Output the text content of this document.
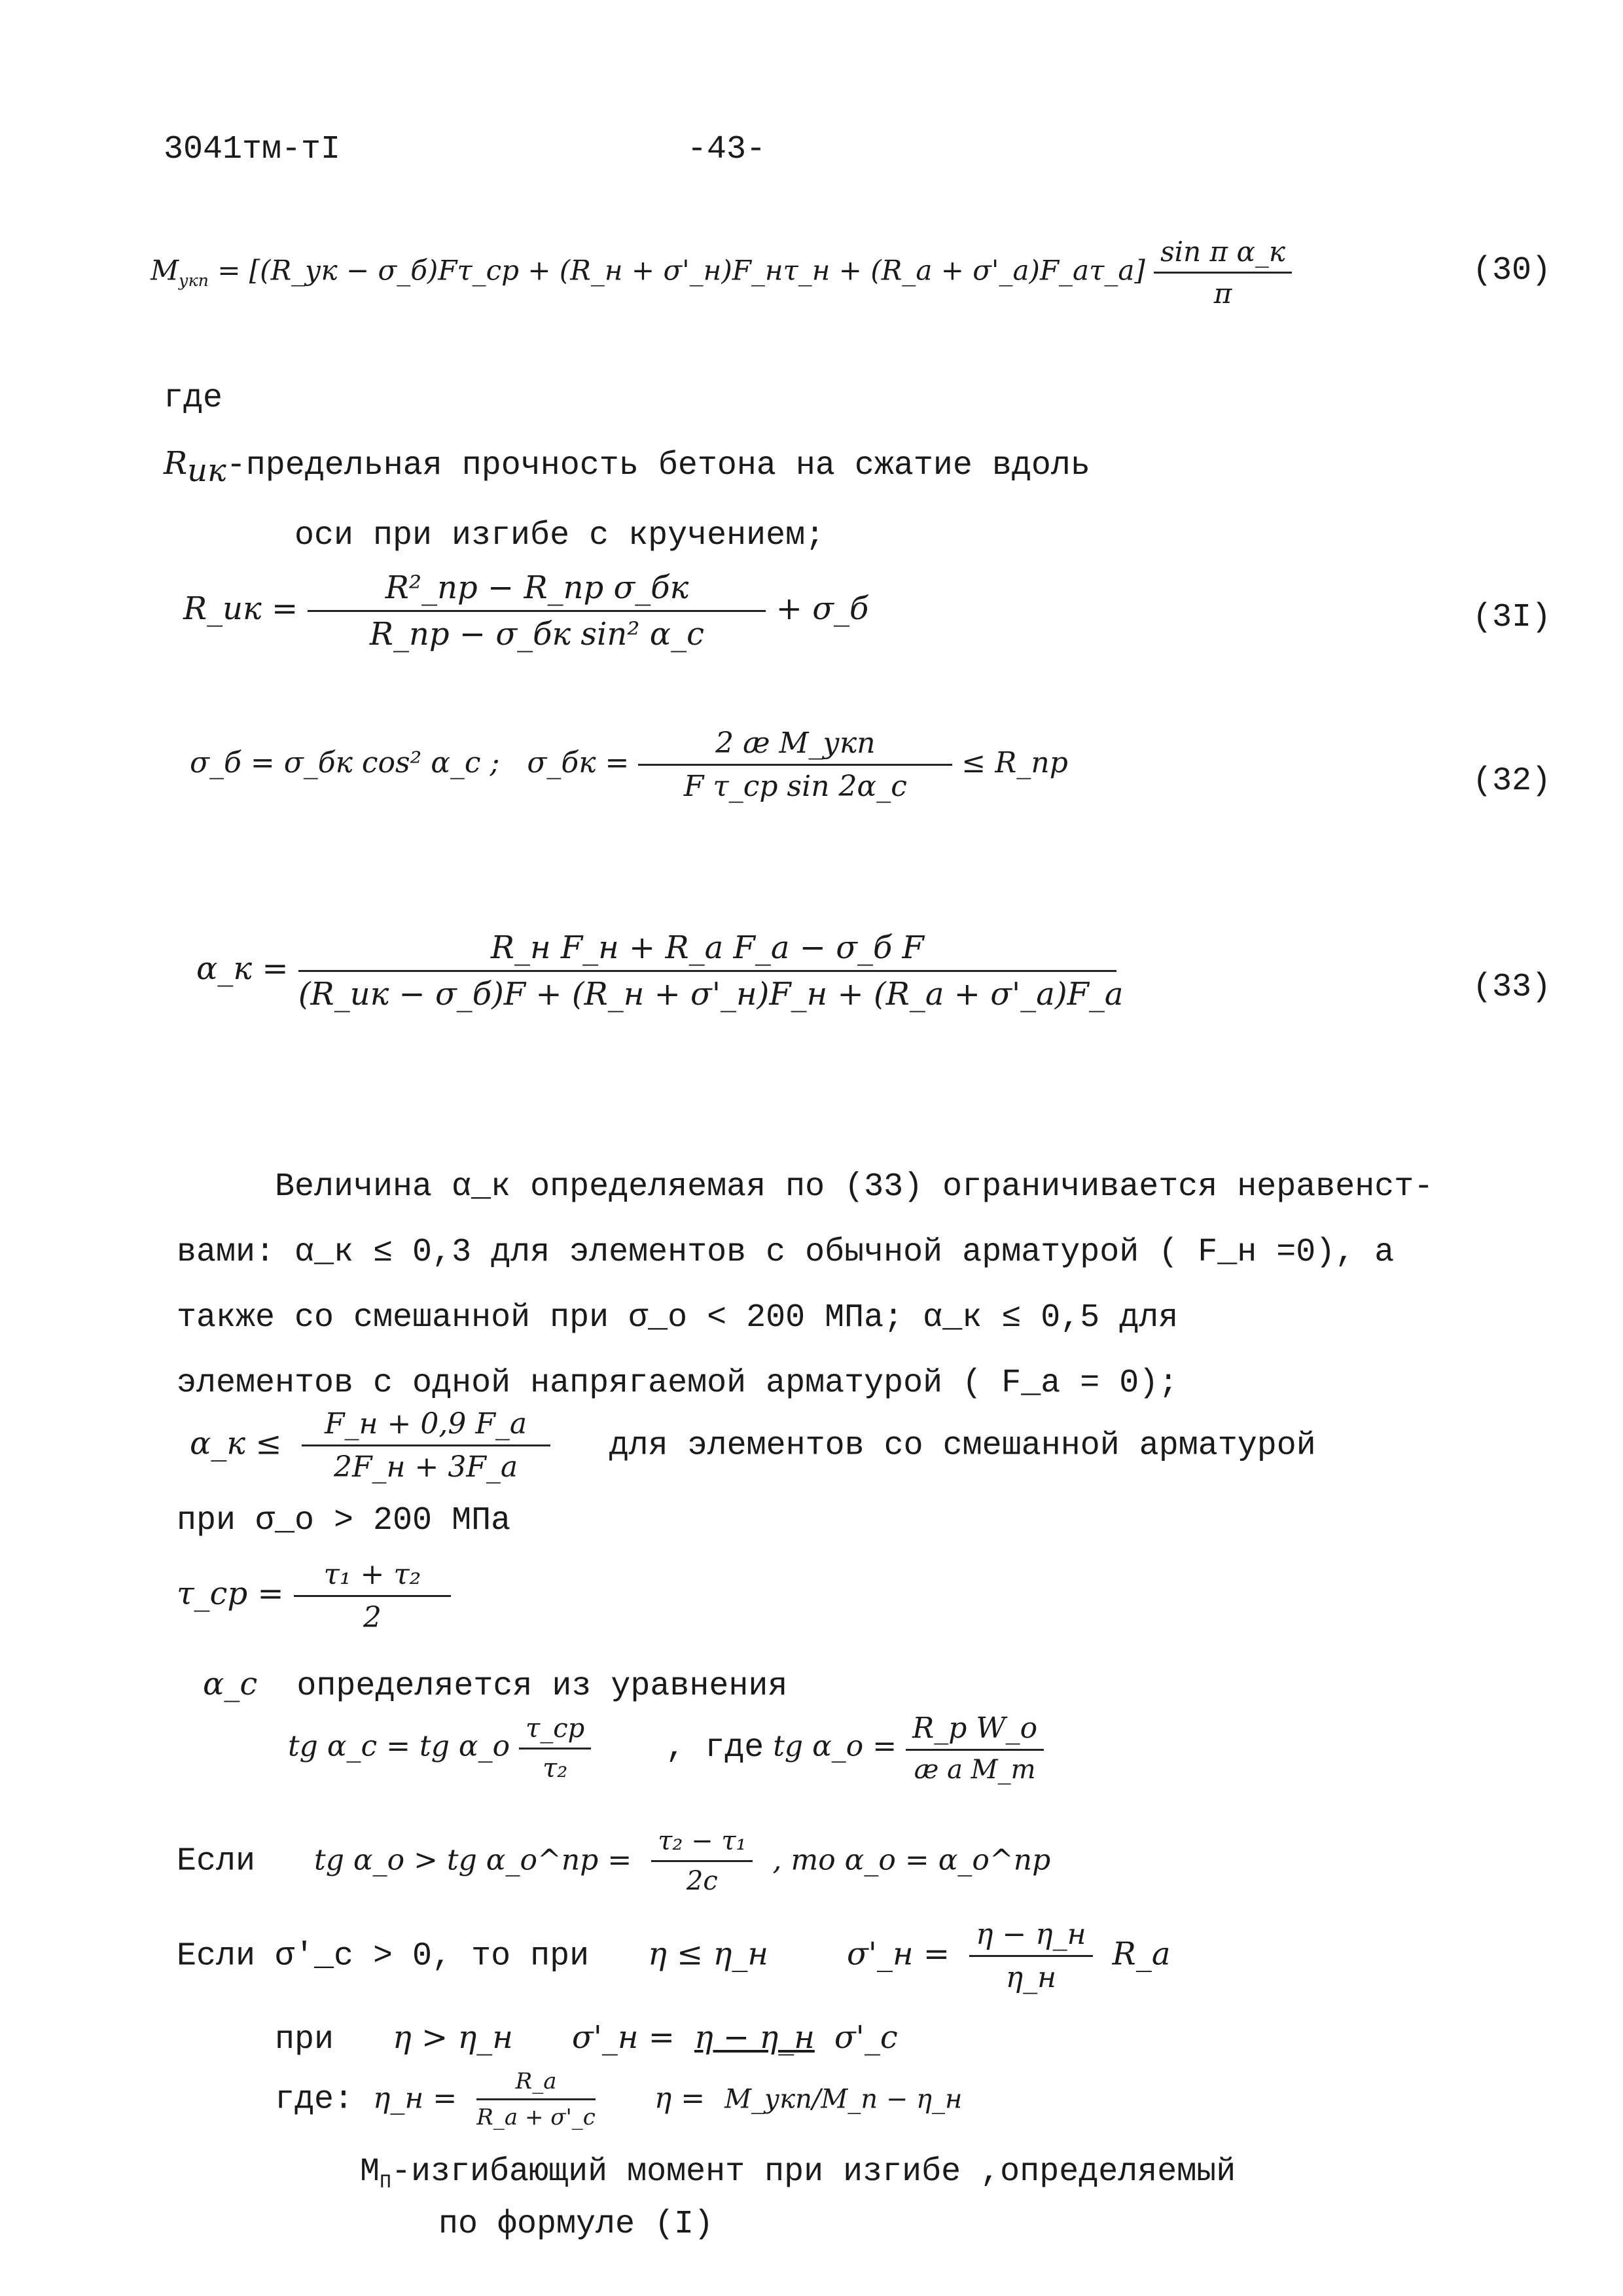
3041тм-тI	-43-
$M_{укп}$ = [(R_ук − σ_б)Fτ_ср + (R_н + σ'_н)F_нτ_н + (R_a + σ'_a)F_aτ_a]
sin π α_к
π
(30)
где
$R_{ик}$-предельная прочность бетона на сжатие вдоль
оси при изгибе с кручением;
R_ик =
R²_пр − R_пр σ_бк
R_пр − σ_бк sin² α_с
+ σ_б	(3I)
σ_б = σ_бк cos² α_с ; σ_бк =
2 æ M_укп
F τ_ср sin 2α_с
≤ R_пр	(32)
α_к =
R_н F_н + R_a F_a − σ_б F
(R_ик − σ_б)F + (R_н + σ'_н)F_н + (R_a + σ'_a)F_a	(33)
Величина α_к определяемая по (33) ограничивается неравенст-
вами: α_к ≤ 0,3 для элементов с обычной арматурой ( F_н =0), а
также со смешанной при σ_о < 200 МПа; α_к ≤ 0,5 для
элементов с одной напрягаемой арматурой ( F_a = 0);
α_к ≤
F_н + 0,9 F_a
2F_н + 3F_a
для элементов со смешанной арматурой
при σ_о > 200 МПа
τ_ср = $\frac{\text{τ₁ + τ₂}}{2}$
α_с определяется из уравнения
tg α_с = tg α_о
τ_ср
τ₂
, где tg α_о =
R_р W_о
æ a M_т
Если tg α_о > tg α_о^пр = $\frac{\text{τ₂ − τ₁}}{2c}$ , то α_о = α_о^пр
Если σ'_с > 0, то при η ≤ η_н	σ'_н =
η − η_н
η_н
R_a
при η > η_н σ'_н = η − η_н σ'_с
где: η_н =
R_a
R_a + σ'_с
η = M_укп/M_п − η_н
$M_П$-изгибающий момент при изгибе ,определяемый
по формуле (I)
